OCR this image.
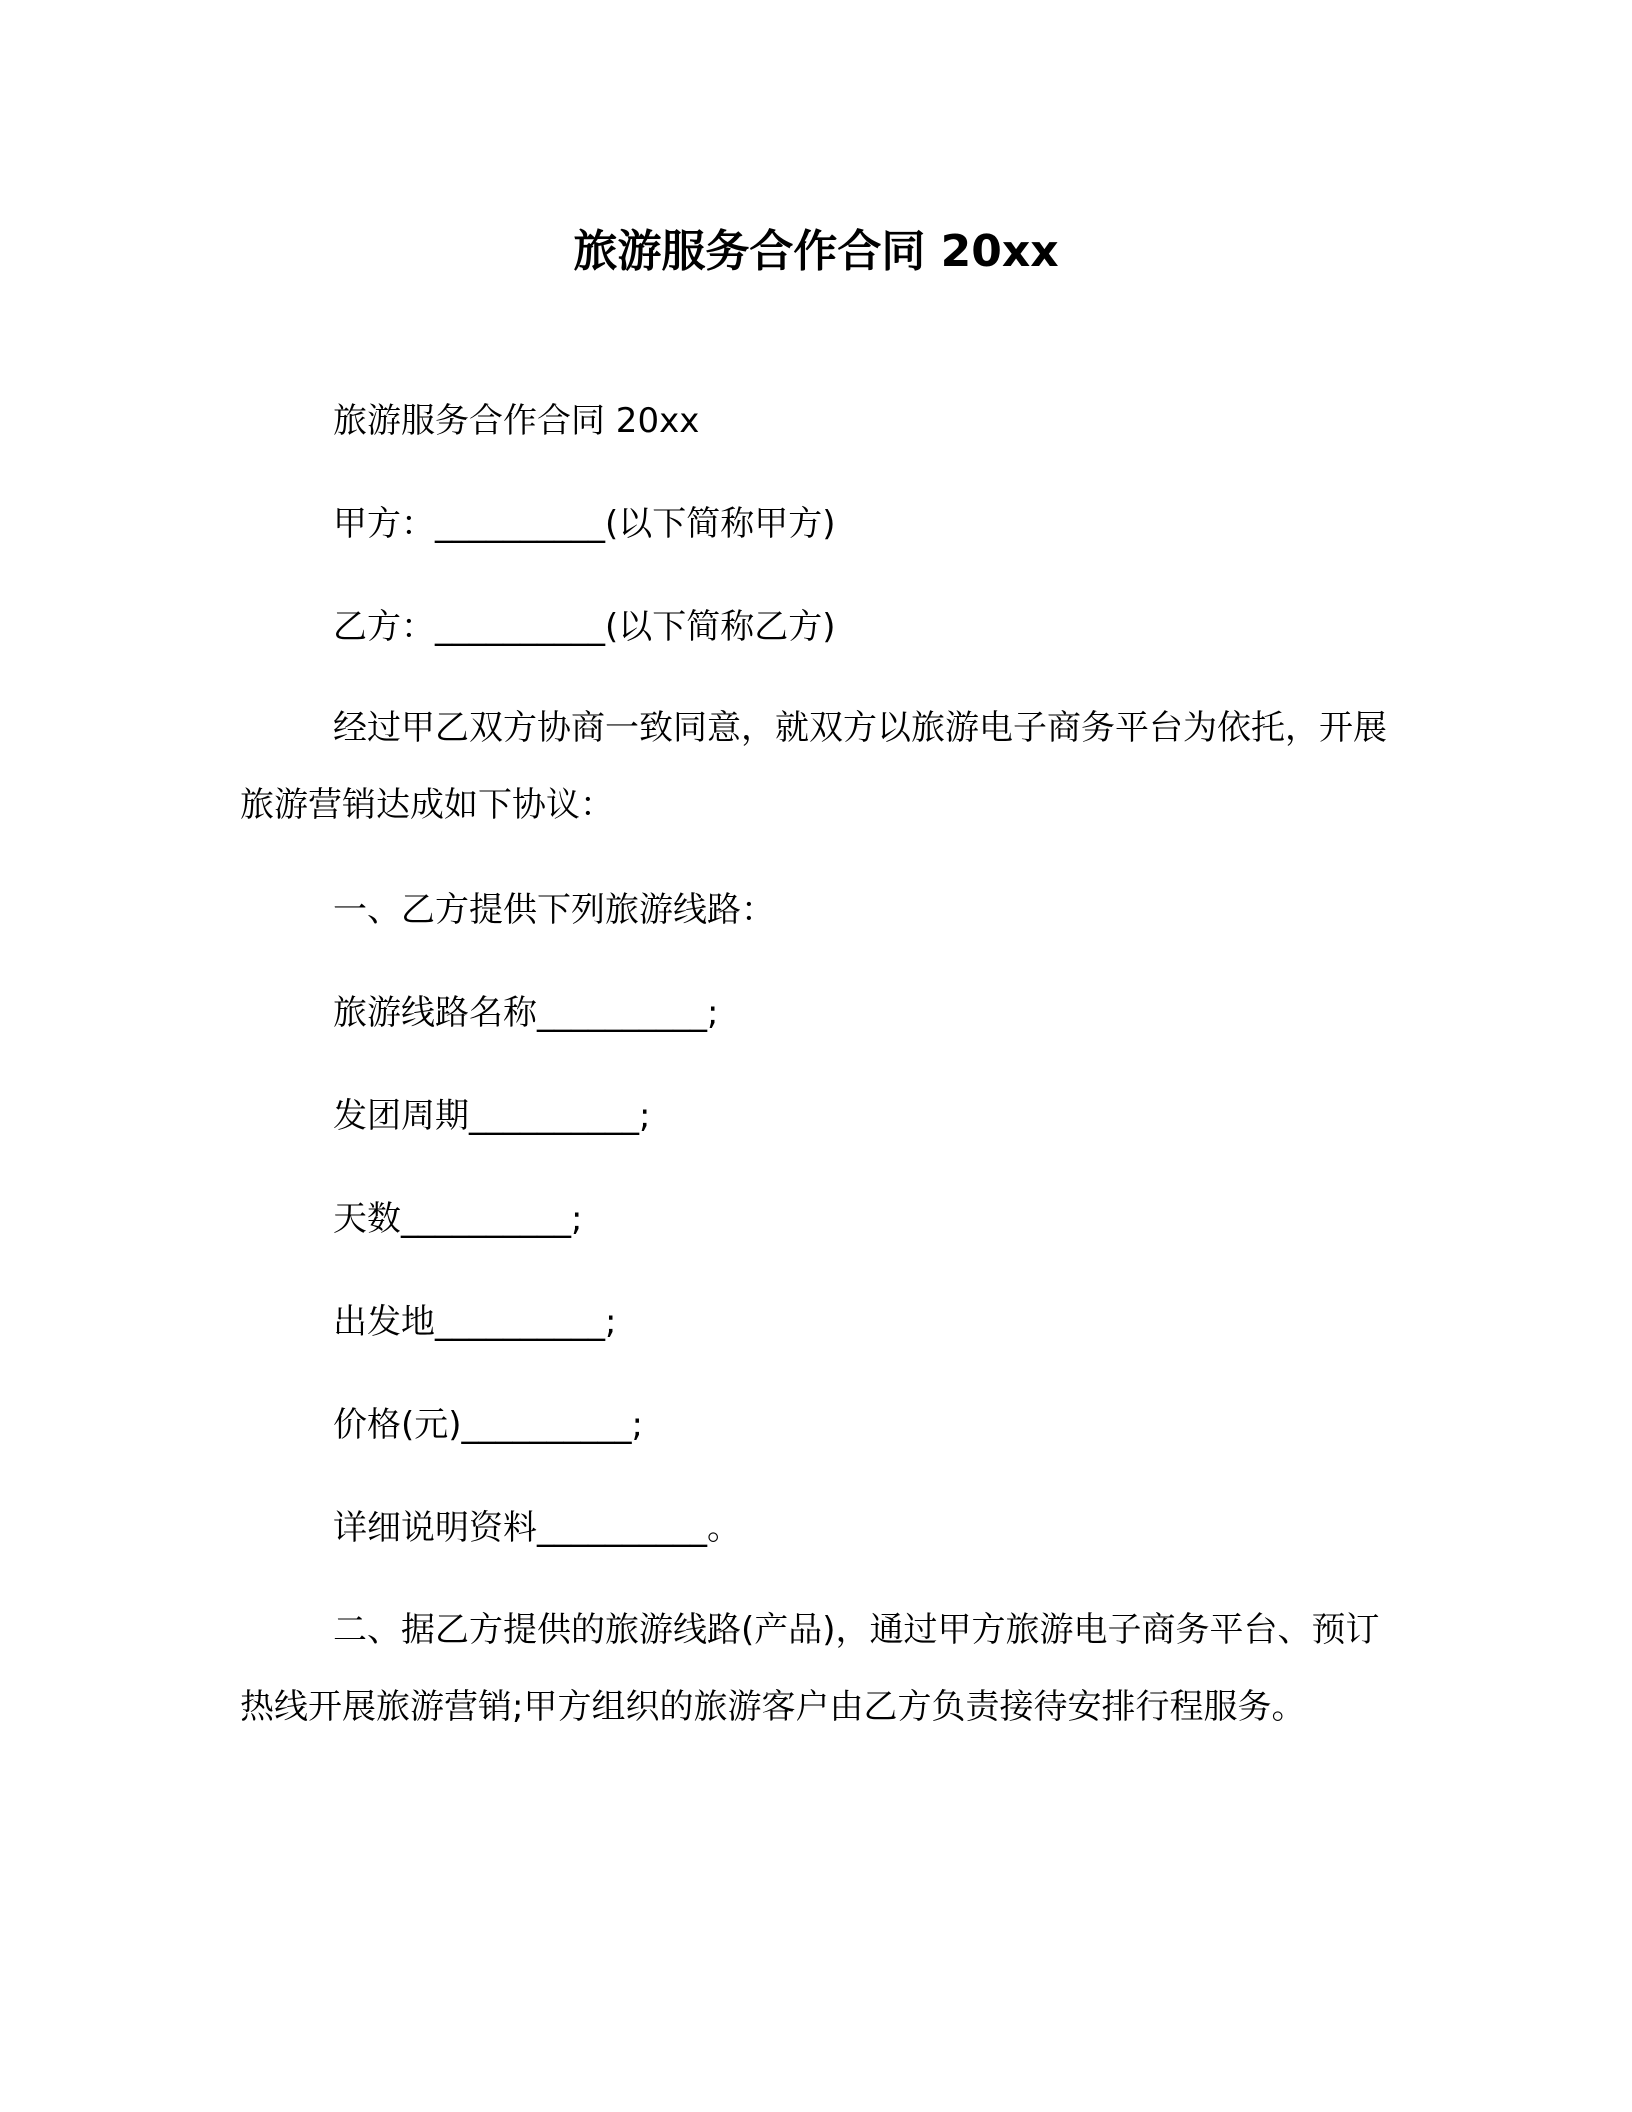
旅游服务合作合同 20xx
旅游服务合作合同 20xx
甲方：__________(以下简称甲方)
乙方：__________(以下简称乙方)
经过甲乙双方协商一致同意，就双方以旅游电子商务平台为依托，开展旅游营销达成如下协议：
一、乙方提供下列旅游线路：
旅游线路名称__________;
发团周期__________;
天数__________;
出发地__________;
价格(元)__________;
详细说明资料__________。
二、据乙方提供的旅游线路(产品)，通过甲方旅游电子商务平台、预订热线开展旅游营销;甲方组织的旅游客户由乙方负责接待安排行程服务。
